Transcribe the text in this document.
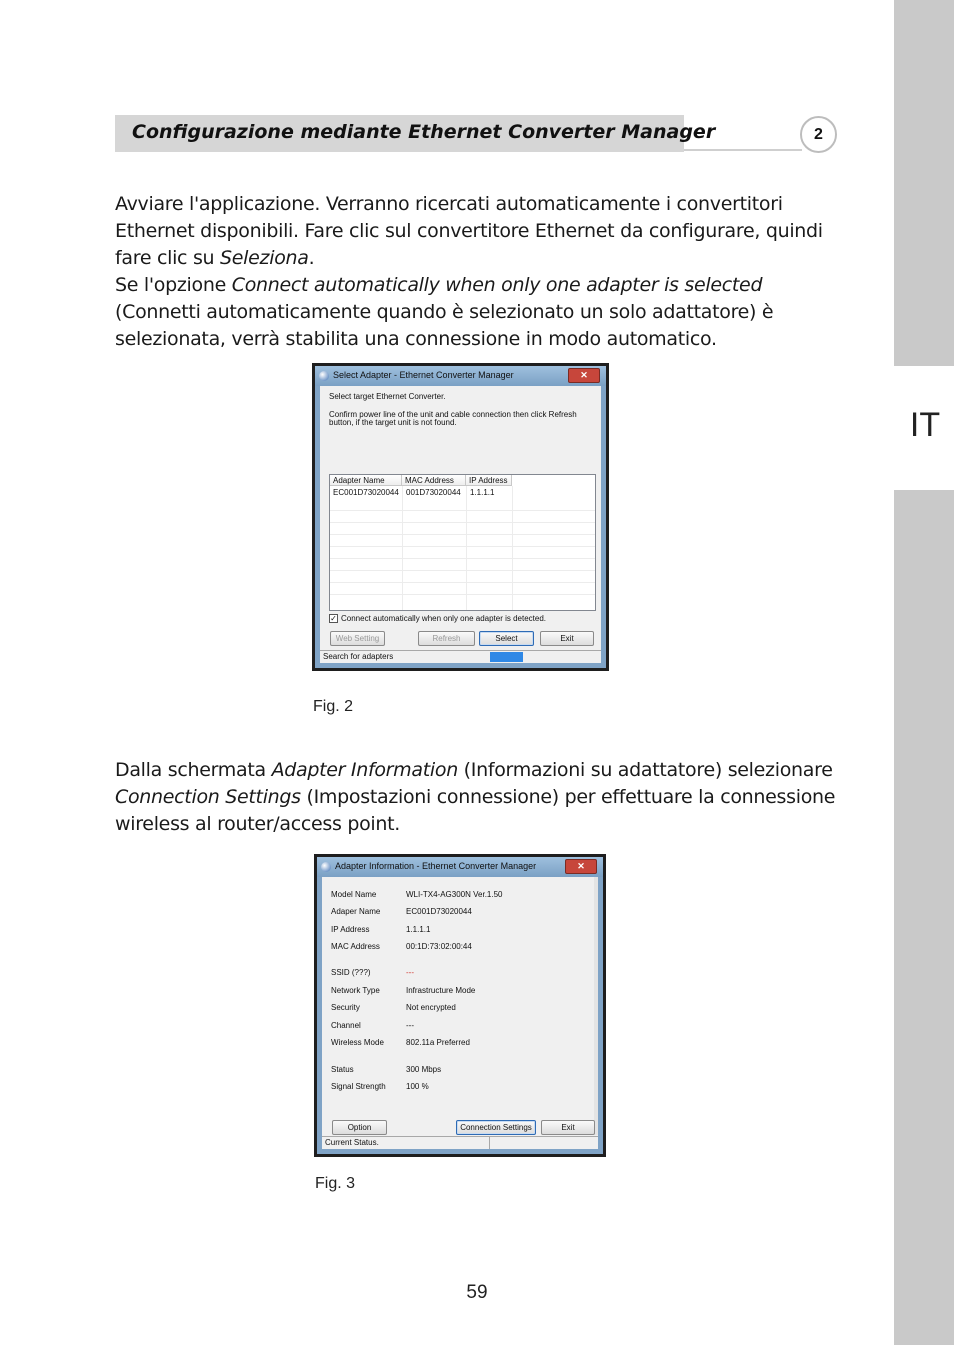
IT
Configurazione mediante Ethernet Converter Manager	2

Avviare l'applicazione. Verranno ricercati automaticamente i convertitori Ethernet disponibili. Fare clic sul convertitore Ethernet da configurare, quindi fare clic su Seleziona.
Se l'opzione Connect automatically when only one adapter is selected (Connetti automaticamente quando è selezionato un solo adattatore) è selezionata, verrà stabilita una connessione in modo automatico.

Select Adapter - Ethernet Converter Manager	✕
Select target Ethernet Converter.
Confirm power line of the unit and cable connection then click Refresh
button, if the target unit is not found.
Adapter Name	MAC Address	IP Address
EC001D73020044 001D73020044 1.1.1.1
✓ Connect automatically when only one adapter is detected.
Web Setting	Refresh	Select	Exit
Search for adapters
Fig. 2

Dalla schermata Adapter Information (Informazioni su adattatore) selezionare Connection Settings (Impostazioni connessione) per effettuare la connessione wireless al router/access point.

Adapter Information - Ethernet Converter Manager	✕
Model Name	WLI-TX4-AG300N Ver.1.50
Adaper Name	EC001D73020044
IP Address	1.1.1.1
MAC Address	00:1D:73:02:00:44
SSID (???)	---
Network Type	Infrastructure Mode
Security	Not encrypted
Channel	---
Wireless Mode	802.11a Preferred
Status	300 Mbps
Signal Strength	100 %
Option	Connection Settings	Exit
Current Status.
Fig. 3
59
